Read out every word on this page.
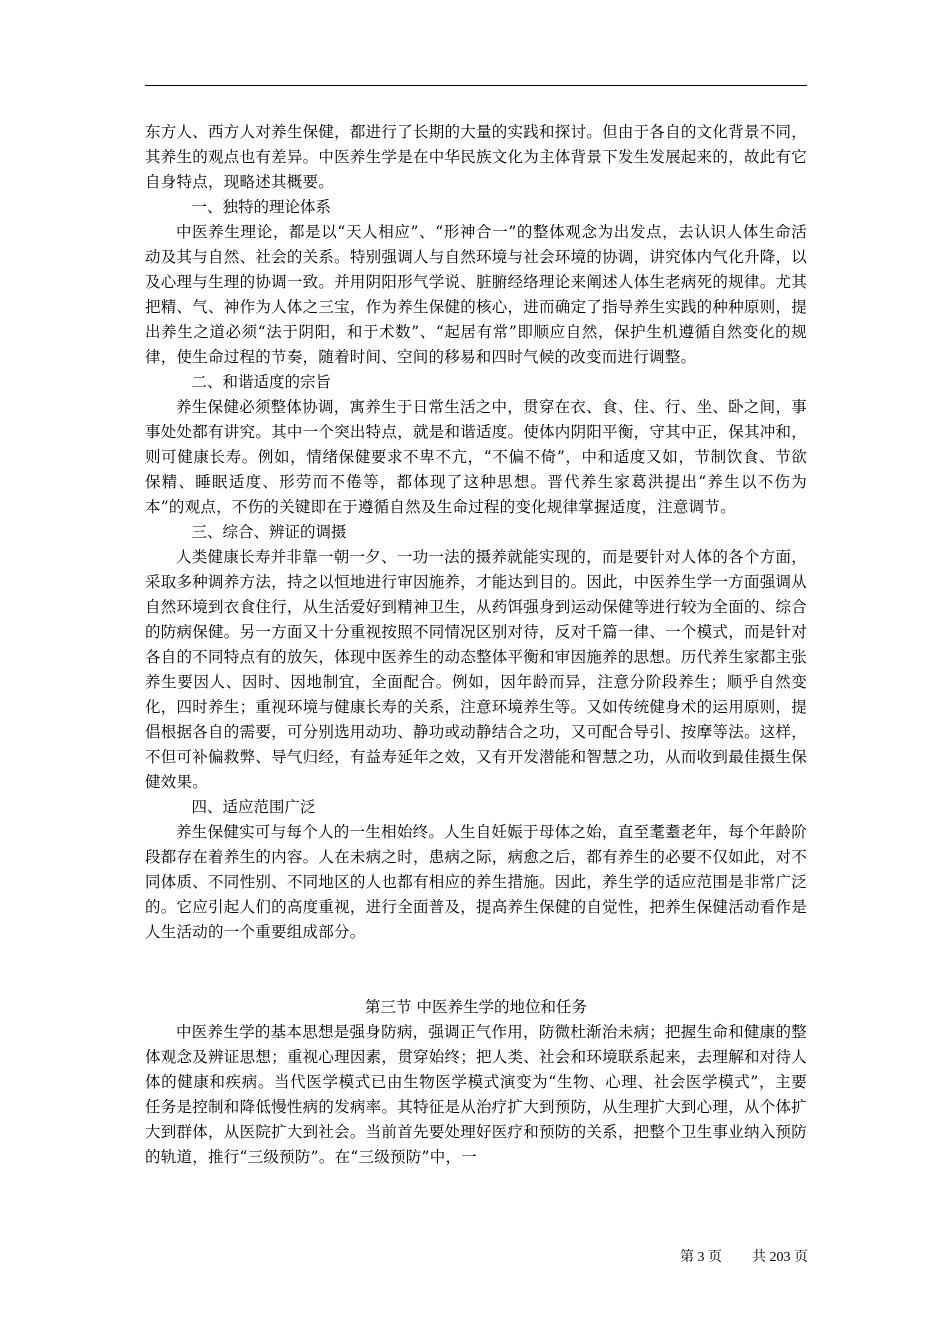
东方人、西方人对养生保健，都进行了长期的大量的实践和探讨。但由于各自的文化背景不同，其养生的观点也有差异。中医养生学是在中华民族文化为主体背景下发生发展起来的，故此有它自身特点，现略述其概要。

一、独特的理论体系

中医养生理论，都是以“天人相应”、“形神合一”的整体观念为出发点，去认识人体生命活动及其与自然、社会的关系。特别强调人与自然环境与社会环境的协调，讲究体内气化升降，以及心理与生理的协调一致。并用阴阳形气学说、脏腑经络理论来阐述人体生老病死的规律。尤其把精、气、神作为人体之三宝，作为养生保健的核心，进而确定了指导养生实践的种种原则，提出养生之道必须“法于阴阳，和于术数”、“起居有常”即顺应自然，保护生机遵循自然变化的规律，使生命过程的节奏，随着时间、空间的移易和四时气候的改变而进行调整。

二、和谐适度的宗旨

养生保健必须整体协调，寓养生于日常生活之中，贯穿在衣、食、住、行、坐、卧之间，事事处处都有讲究。其中一个突出特点，就是和谐适度。使体内阴阳平衡，守其中正，保其冲和，则可健康长寿。例如，情绪保健要求不卑不亢，“不偏不倚”，中和适度又如，节制饮食、节欲保精、睡眠适度、形劳而不倦等，都体现了这种思想。晋代养生家葛洪提出“养生以不伤为本”的观点，不伤的关键即在于遵循自然及生命过程的变化规律掌握适度，注意调节。

三、综合、辨证的调摄

人类健康长寿并非靠一朝一夕、一功一法的摄养就能实现的，而是要针对人体的各个方面，采取多种调养方法，持之以恒地进行审因施养，才能达到目的。因此，中医养生学一方面强调从自然环境到衣食住行，从生活爱好到精神卫生，从药饵强身到运动保健等进行较为全面的、综合的防病保健。另一方面又十分重视按照不同情况区别对待，反对千篇一律、一个模式，而是针对各自的不同特点有的放矢，体现中医养生的动态整体平衡和审因施养的思想。历代养生家都主张养生要因人、因时、因地制宜，全面配合。例如，因年龄而异，注意分阶段养生；顺乎自然变化，四时养生；重视环境与健康长寿的关系，注意环境养生等。又如传统健身术的运用原则，提倡根据各自的需要，可分别选用动功、静功或动静结合之功，又可配合导引、按摩等法。这样，不但可补偏救弊、导气归经，有益寿延年之效，又有开发潜能和智慧之功，从而收到最佳摄生保健效果。

四、适应范围广泛

养生保健实可与每个人的一生相始终。人生自妊娠于母体之始，直至耄耋老年，每个年龄阶段都存在着养生的内容。人在未病之时，患病之际，病愈之后，都有养生的必要不仅如此，对不同体质、不同性别、不同地区的人也都有相应的养生措施。因此，养生学的适应范围是非常广泛的。它应引起人们的高度重视，进行全面普及，提高养生保健的自觉性，把养生保健活动看作是人生活动的一个重要组成部分。

第三节 中医养生学的地位和任务

中医养生学的基本思想是强身防病，强调正气作用，防微杜渐治未病；把握生命和健康的整体观念及辨证思想；重视心理因素，贯穿始终；把人类、社会和环境联系起来，去理解和对待人体的健康和疾病。当代医学模式已由生物医学模式演变为“生物、心理、社会医学模式”，主要任务是控制和降低慢性病的发病率。其特征是从治疗扩大到预防，从生理扩大到心理，从个体扩大到群体，从医院扩大到社会。当前首先要处理好医疗和预防的关系，把整个卫生事业纳入预防的轨道，推行“三级预防”。在“三级预防”中，一

第 3 页 共 203 页
